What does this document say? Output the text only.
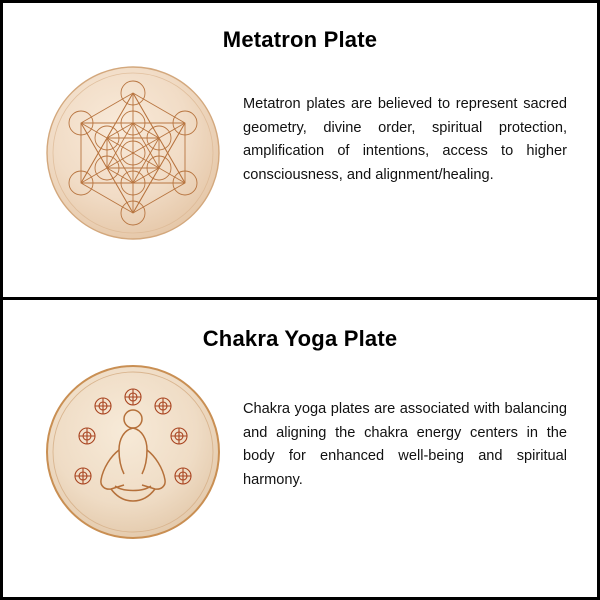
Metatron Plate
Metatron plates are believed to represent sacred geometry, divine order, spiritual protection, amplification of intentions, access to higher consciousness, and alignment/healing.
Chakra Yoga Plate
Chakra yoga plates are associated with balancing and aligning the chakra energy centers in the body for enhanced well-being and spiritual harmony.
